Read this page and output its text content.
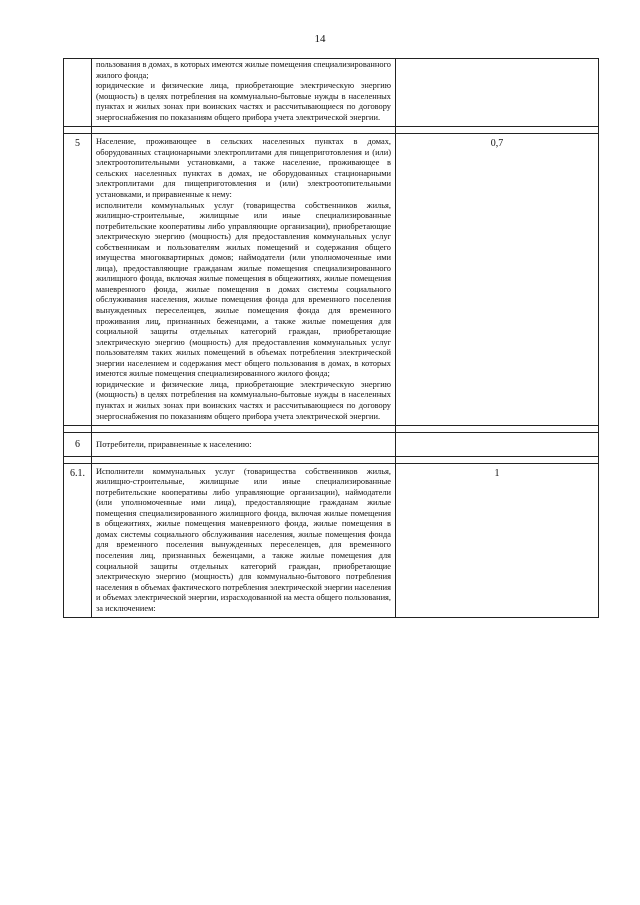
14

	пользования в домах, в которых имеются жилые помещения специализированного жилого фонда;

юридические и физические лица, приобретающие электрическую энергию (мощность) в целях потребления на коммунально-бытовые нужды в населенных пунктах и жилых зонах при воинских частях и рассчитывающиеся по договору энергоснабжения по показаниям общего прибора учета электрической энергии.	

5	Население, проживающее в сельских населенных пунктах в домах, оборудованных стационарными электроплитами для пищеприготовления и (или) электроотопительными установками, а также население, проживающее в сельских населенных пунктах в домах, не оборудованных стационарными электроплитами для пищеприготовления и (или) электроотопительными установками, и приравненные к нему:

исполнители коммунальных услуг (товарищества собственников жилья, жилищно-строительные, жилищные или иные специализированные потребительские кооперативы либо управляющие организации), приобретающие электрическую энергию (мощность) для предоставления коммунальных услуг собственникам и пользователям жилых помещений и содержания общего имущества многоквартирных домов; наймодатели (или уполномоченные ими лица), предоставляющие гражданам жилые помещения специализированного жилищного фонда, включая жилые помещения в общежитиях, жилые помещения маневренного фонда, жилые помещения в домах системы социального обслуживания населения, жилые помещения фонда для временного поселения вынужденных переселенцев, жилые помещения фонда для временного проживания лиц, признанных беженцами, а также жилые помещения для социальной защиты отдельных категорий граждан, приобретающие электрическую энергию (мощность) для предоставления коммунальных услуг пользователям таких жилых помещений в объемах потребления электрической энергии населением и содержания мест общего пользования в домах, в которых имеются жилые помещения специализированного жилого фонда;

юридические и физические лица, приобретающие электрическую энергию (мощность) в целях потребления на коммунально-бытовые нужды в населенных пунктах и жилых зонах при воинских частях и рассчитывающиеся по договору энергоснабжения по показаниям общего прибора учета электрической энергии.	0,7

6	Потребители, приравненные к населению:	

6.1.	Исполнители коммунальных услуг (товарищества собственников жилья, жилищно-строительные, жилищные или иные специализированные потребительские кооперативы либо управляющие организации), наймодатели (или уполномоченные ими лица), предоставляющие гражданам жилые помещения специализированного жилищного фонда, включая жилые помещения в общежитиях, жилые помещения маневренного фонда, жилые помещения в домах системы социального обслуживания населения, жилые помещения фонда для временного поселения вынужденных переселенцев, для временного поселения лиц, признанных беженцами, а также жилые помещения для социальной защиты отдельных категорий граждан, приобретающие электрическую энергию (мощность) для коммунально-бытового потребления населения в объемах фактического потребления электрической энергии населения и объемах электрической энергии, израсходованной на места общего пользования, за исключением:	1
